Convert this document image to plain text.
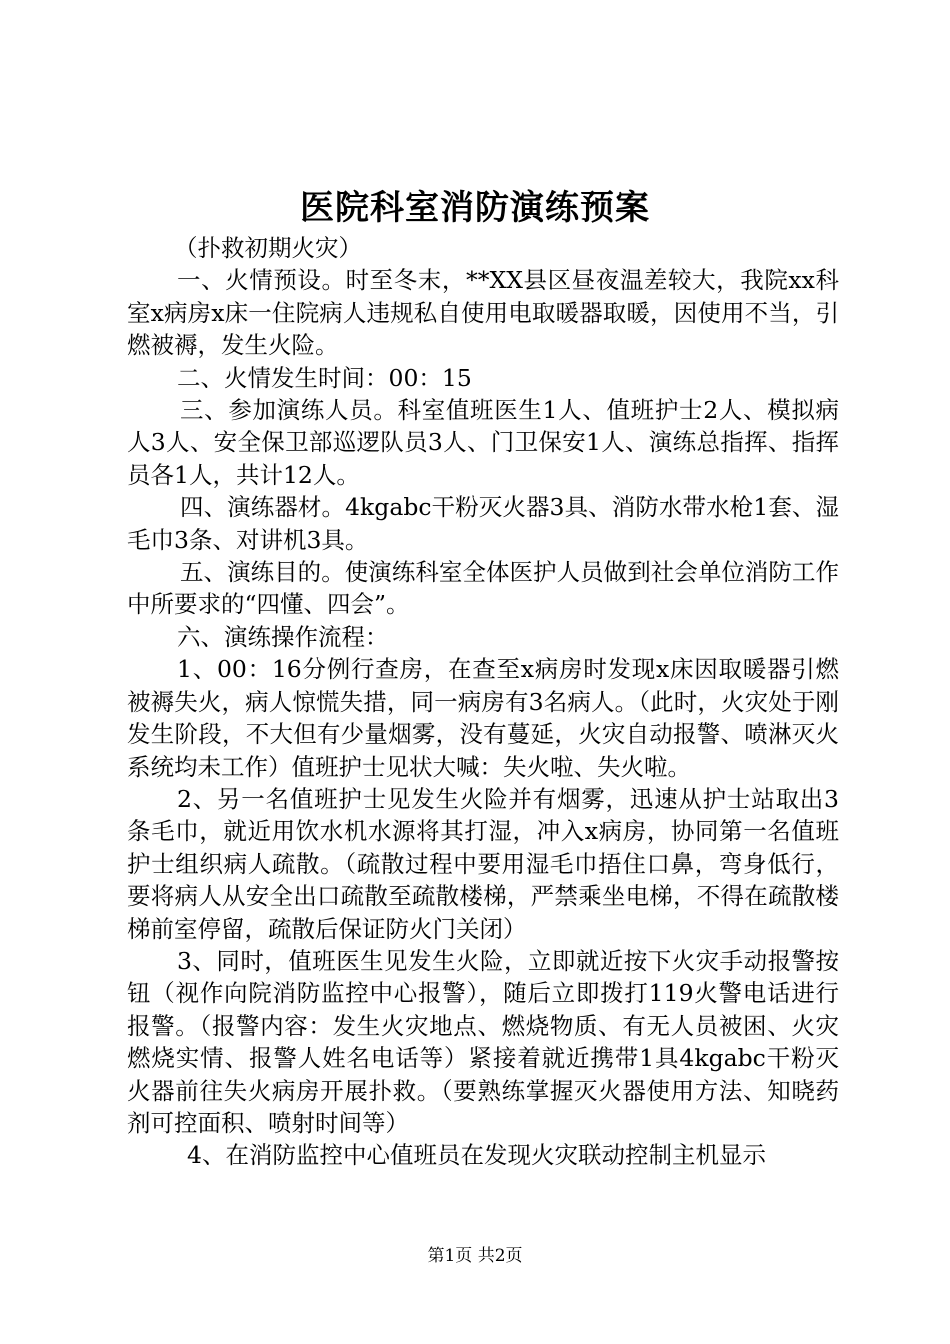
医院科室消防演练预案

（扑救初期火灾）

一、火情预设。时至冬末，**XX县区昼夜温差较大，我院xx科室x病房x床一住院病人违规私自使用电取暖器取暖，因使用不当，引燃被褥，发生火险。

二、火情发生时间：00：15

三、参加演练人员。科室值班医生1人、值班护士2人、模拟病人3人、安全保卫部巡逻队员3人、门卫保安1人、演练总指挥、指挥员各1人，共计12人。

四、演练器材。4kgabc干粉灭火器3具、消防水带水枪1套、湿毛巾3条、对讲机3具。

五、演练目的。使演练科室全体医护人员做到社会单位消防工作中所要求的“四懂、四会”。

六、演练操作流程：

1、00：16分例行查房，在查至x病房时发现x床因取暖器引燃被褥失火，病人惊慌失措，同一病房有3名病人。（此时，火灾处于刚发生阶段，不大但有少量烟雾，没有蔓延，火灾自动报警、喷淋灭火系统均未工作）值班护士见状大喊：失火啦、失火啦。

2、另一名值班护士见发生火险并有烟雾，迅速从护士站取出3条毛巾，就近用饮水机水源将其打湿，冲入x病房，协同第一名值班护士组织病人疏散。（疏散过程中要用湿毛巾捂住口鼻，弯身低行，要将病人从安全出口疏散至疏散楼梯，严禁乘坐电梯，不得在疏散楼梯前室停留，疏散后保证防火门关闭）

3、同时，值班医生见发生火险，立即就近按下火灾手动报警按钮（视作向院消防监控中心报警），随后立即拨打119火警电话进行报警。（报警内容：发生火灾地点、燃烧物质、有无人员被困、火灾燃烧实情、报警人姓名电话等）紧接着就近携带1具4kgabc干粉灭火器前往失火病房开展扑救。（要熟练掌握灭火器使用方法、知晓药剂可控面积、喷射时间等）

4、在消防监控中心值班员在发现火灾联动控制主机显示

第1页 共2页
